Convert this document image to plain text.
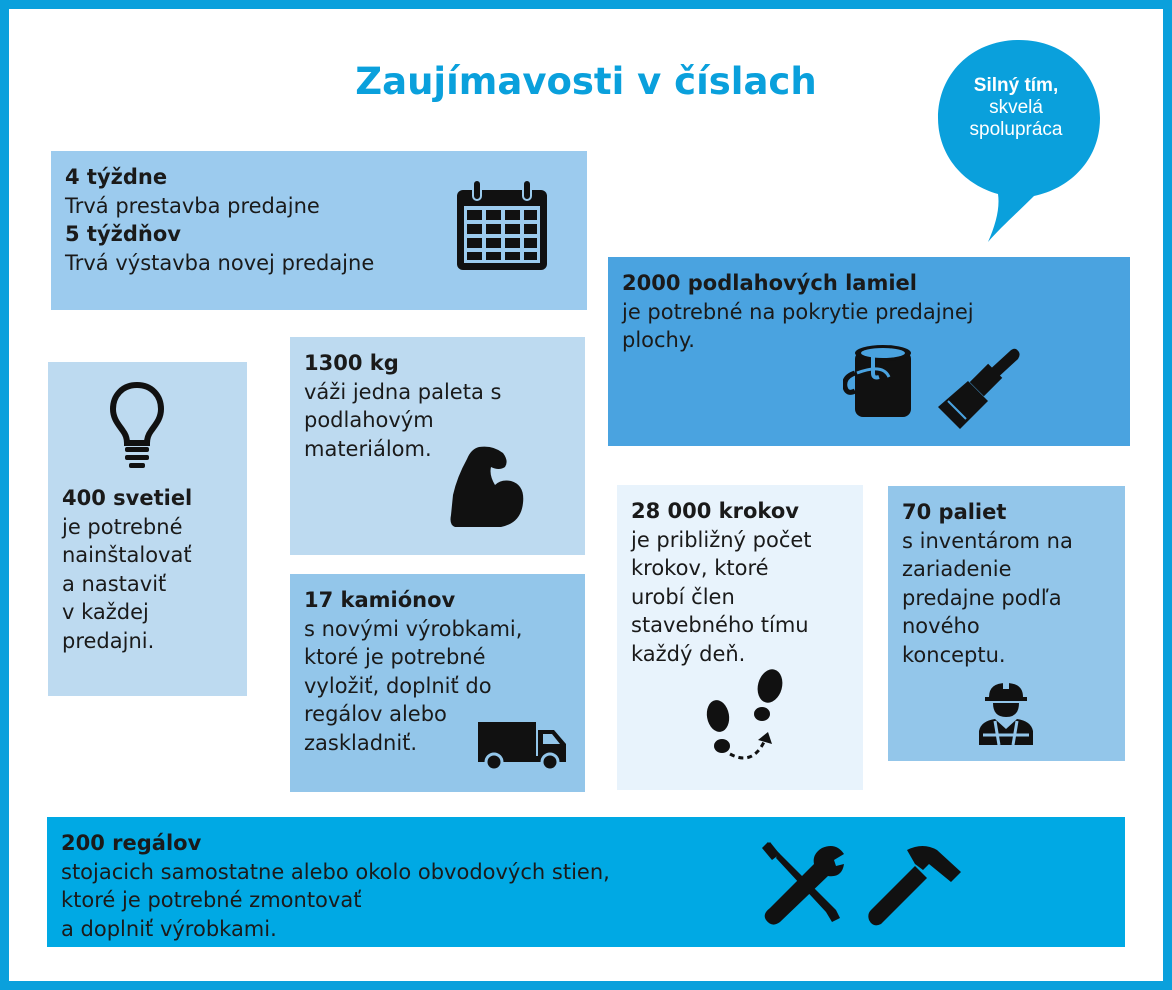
Zaujímavosti v číslach	Silný tím,
skvelá
spolupráca
4 týždne
Trvá prestavba predajne
5 týždňov
Trvá výstavba novej predajne
2000 podlahových lamiel
je potrebné na pokrytie predajnej
plochy.
400 svetiel
je potrebné
nainštalovať
a nastaviť
v každej
predajni.
1300 kg
váži jedna paleta s
podlahovým
materiálom.
17 kamiónov
s novými výrobkami,
ktoré je potrebné
vyložiť, doplniť do
regálov alebo
zaskladniť.
28 000 krokov
je približný počet
krokov, ktoré
urobí člen
stavebného tímu
každý deň.
70 paliet
s inventárom na
zariadenie
predajne podľa
nového
konceptu.
200 regálov
stojacich samostatne alebo okolo obvodových stien,
ktoré je potrebné zmontovať
a doplniť výrobkami.
